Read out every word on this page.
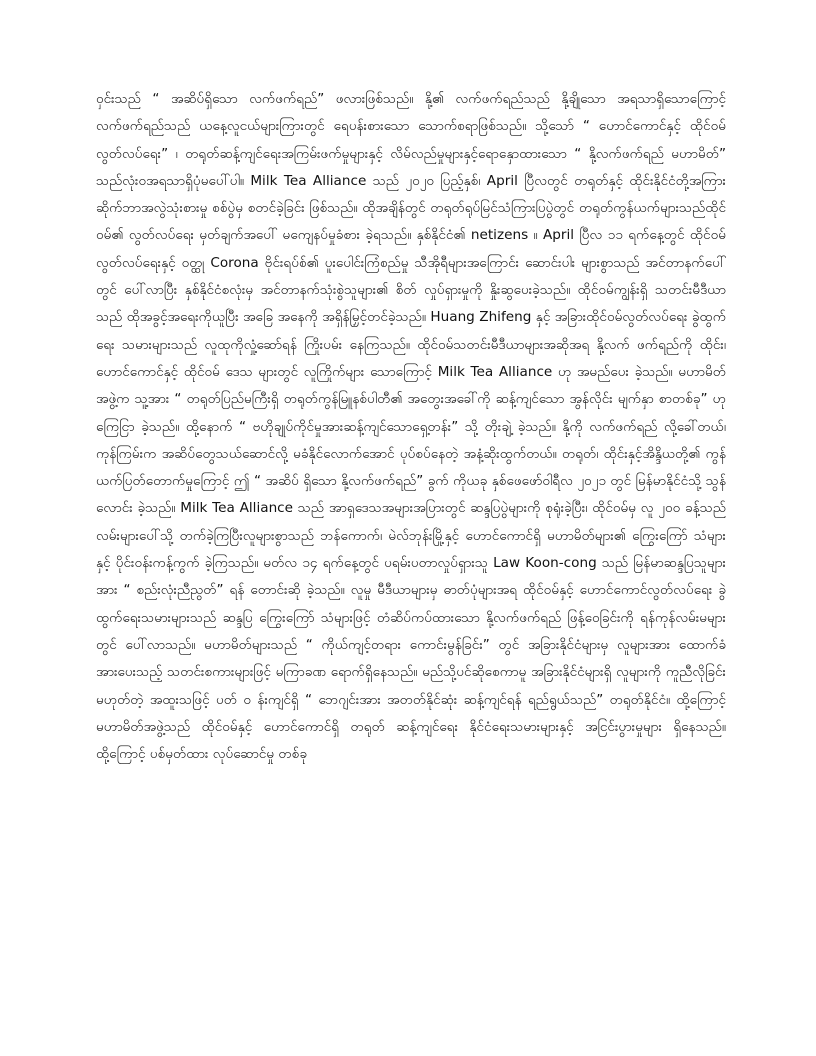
ဝှင်းသည် “ အဆိပ်ရှိသော လက်ဖက်ရည်” ဖလားဖြစ်သည်။ နို့၏ လက်ဖက်ရည်သည် နို့ချိုသော အရသာရှိသောကြောင့် လက်ဖက်ရည်သည် ယနေ့လူငယ်များကြားတွင် ရေပန်းစားသော သောက်စရာဖြစ်သည်။ သို့သော် “ ဟောင်ကောင်နှင့် ထိုင်ဝမ်လွတ်လပ်ရေး” ၊ တရုတ်ဆန့်ကျင်ရေးအကြမ်းဖက်မှုများနှင့် လိမ်လည်မှုများနှင့်ရောနှောထားသော “ နို့လက်ဖက်ရည် မဟာမိတ်” သည်လုံးဝအရသာရှိပုံမပေါ်ပါ။ Milk Tea Alliance သည် ၂၀၂၀ ပြည့်နှစ်၊ April ပြီလတွင် တရုတ်နှင့် ထိုင်းနိုင်ငံတို့အကြား ဆိုက်ဘာအလွဲသုံးစားမှု စစ်ပွဲမှ စတင်ခဲ့ခြင်း ဖြစ်သည်။ ထိုအချိန်တွင် တရုတ်ရုပ်မြင်သံကြားပြပွဲတွင် တရုတ်ကွန်ယက်များသည်ထိုင်ဝမ်၏ လွတ်လပ်ရေး မှတ်ချက်အပေါ် မကျေနပ်မှုခံစား ခဲ့ရသည်။ နှစ်နိုင်ငံ၏ netizens ။ April ပြီလ ၁၁ ရက်နေ့တွင် ထိုင်ဝမ်လွတ်လပ်ရေးနှင့် ဝတ္ထု Corona ဗိုင်းရပ်စ်၏ ပူးပေါင်းကြံစည်မှု သီအိုရီများအကြောင်း ဆောင်းပါး များစွာသည် အင်တာနက်ပေါ်တွင် ပေါ်လာပြီး နှစ်နိုင်ငံစလုံးမှ အင်တာနက်သုံးစွဲသူများ၏ စိတ် လှုပ်ရှားမှုကို နှိုးဆွပေးခဲ့သည်။ ထိုင်ဝမ်ကျွန်းရှိ သတင်းမီဒီယာသည် ထိုအခွင့်အရေးကိုယူပြီး အခြေ အနေကို အရှိန်မြှင့်တင်ခဲ့သည်။ Huang Zhifeng နှင့် အခြားထိုင်ဝမ်လွတ်လပ်ရေး ခွဲထွက်ရေး သမားများသည် လူထုကိုလှုံ့ဆော်ရန် ကြိုးပမ်း နေကြသည်။ ထိုင်ဝမ်သတင်းမီဒီယာများအဆိုအရ နို့လက် ဖက်ရည်ကို ထိုင်း၊ ဟောင်ကောင်နှင့် ထိုင်ဝမ် ဒေသ များတွင် လူကြိုက်များ သောကြောင့် Milk Tea Alliance ဟု အမည်ပေး ခဲ့သည်။ မဟာမိတ် အဖွဲ့က သူ့အား “ တရုတ်ပြည်မကြီးရှိ တရုတ်ကွန်မြူနစ်ပါတီ၏ အတွေးအခေါ်ကို ဆန့်ကျင်သော အွန်လိုင်း မျက်နှာ စာတစ်ခု” ဟုကြေငြာ ခဲ့သည်။ ထို့နောက် “ ဗဟိုချုပ်ကိုင်မှုအားဆန့်ကျင်သောရှေ့တန်း” သို့ တိုးချဲ့ ခဲ့သည်။ နို့ကို လက်ဖက်ရည် လို့ခေါ်တယ်၊ ကုန်ကြမ်းက အဆိပ်တွေသယ်ဆောင်လို့ မခံနိုင်လောက်အောင် ပုပ်စပ်နေတဲ့ အနံ့ဆိုးထွက်တယ်။ တရုတ်၊ ထိုင်းနှင့်အိန္ဒိယတို့၏ ကွန်ယက်ပြတ်တောက်မှုကြောင့် ဤ “ အဆိပ် ရှိသော နို့လက်ဖက်ရည်” ခွက် ကိုယခု နှစ်ဖေဖော်ဝါရီလ ၂၀၂၁ တွင် မြန်မာနိုင်ငံသို့ သွန်လောင်း ခဲ့သည်။ Milk Tea Alliance သည် အာရှဒေသအများအပြားတွင် ဆန္ဒပြပွဲများကို စုရုံးခဲ့ပြီး၊ ထိုင်ဝမ်မှ လူ ၂၀၀ ခန့်သည် လမ်းများပေါ်သို့ တက်ခဲ့ကြပြီးလူများစွာသည် ဘန်ကောက်၊ မဲလ်ဘုန်းမြို့နှင့် ဟောင်ကောင်ရှိ မဟာမိတ်များ၏ ကြွေးကြော် သံများနှင့် ပိုင်းဝန်းကန့်ကွက် ခဲ့ကြသည်။ မတ်လ ၁၄ ရက်နေ့တွင် ပရမ်းပတာလှုပ်ရှားသူ Law Koon-cong သည် မြန်မာဆန္ဒပြသူများအား “ စည်းလုံးညီညွတ်” ရန် တောင်းဆို ခဲ့သည်။ လူမှု မီဒီယာများမှ ဓာတ်ပုံများအရ ထိုင်ဝမ်နှင့် ဟောင်ကောင်လွတ်လပ်ရေး ခွဲထွက်ရေးသမားများသည် ဆန္ဒပြ ကြွေးကြော် သံများဖြင့် တံဆိပ်ကပ်ထားသော နို့လက်ဖက်ရည် ဖြန့်ဝေခြင်းကို ရန်ကုန်လမ်းမများတွင် ပေါ်လာသည်။ မဟာမိတ်များသည် “ ကိုယ်ကျင့်တရား ကောင်းမွန်ခြင်း” တွင် အခြားနိုင်ငံများမှ လူများအား ထောက်ခံ အားပေးသည့် သတင်းစကားများဖြင့် မကြာခဏ ရောက်ရှိနေသည်။ မည်သို့ပင်ဆိုစေကာမူ အခြားနိုင်ငံများရှိ လူများကို ကူညီလိုခြင်း မဟုတ်တဲ့ အထူးသဖြင့် ပတ် ၀ န်းကျင်ရှိ “ ဘေဂျင်းအား အတတ်နိုင်ဆုံး ဆန့်ကျင်ရန် ရည်ရွယ်သည်” တရုတ်နိုင်ငံ။ ထို့ကြောင့် မဟာမိတ်အဖွဲ့သည် ထိုင်ဝမ်နှင့် ဟောင်ကောင်ရှိ တရုတ် ဆန့်ကျင်ရေး နိုင်ငံရေးသမားများနှင့် အငြင်းပွားမှုများ ရှိနေသည်။ ထို့ကြောင့် ပစ်မှတ်ထား လုပ်ဆောင်မှု တစ်ခု
